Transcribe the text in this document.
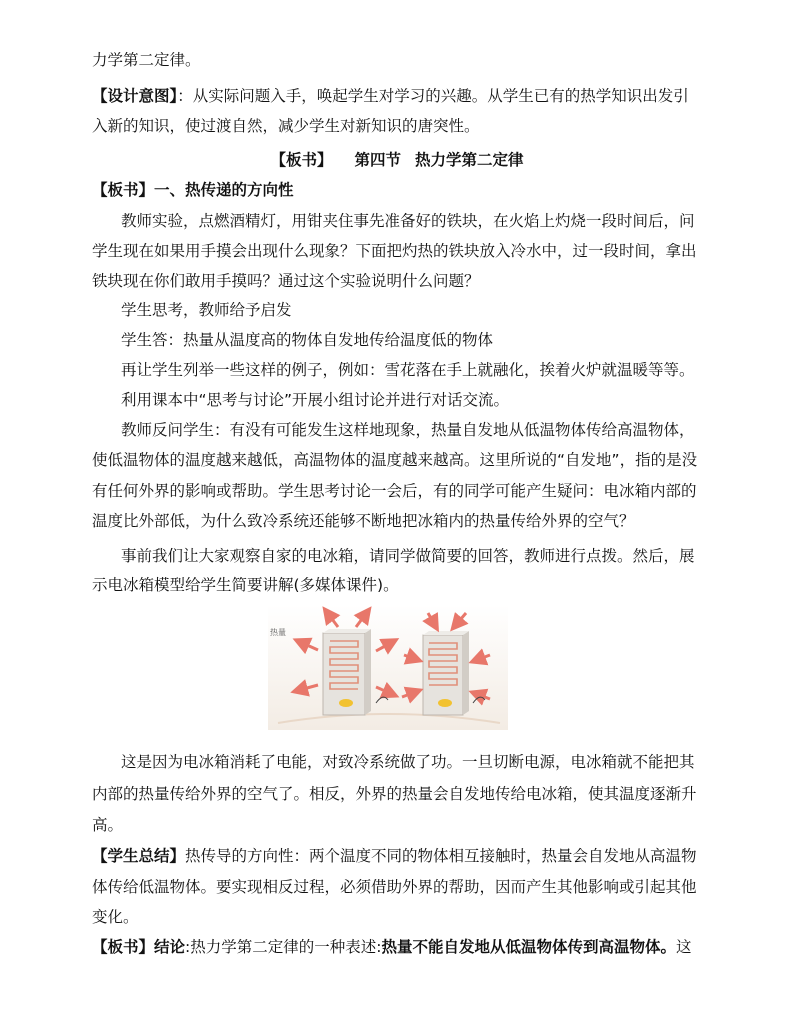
力学第二定律。
【设计意图】：从实际问题入手，唤起学生对学习的兴趣。从学生已有的热学知识出发引
入新的知识，使过渡自然，减少学生对新知识的唐突性。
【板书】 第四节 热力学第二定律
【板书】一、热传递的方向性
教师实验，点燃酒精灯，用钳夹住事先准备好的铁块，在火焰上灼烧一段时间后，问
学生现在如果用手摸会出现什么现象？下面把灼热的铁块放入冷水中，过一段时间，拿出
铁块现在你们敢用手摸吗？通过这个实验说明什么问题？
学生思考，教师给予启发
学生答：热量从温度高的物体自发地传给温度低的物体
再让学生列举一些这样的例子，例如：雪花落在手上就融化，挨着火炉就温暖等等。
利用课本中“思考与讨论”开展小组讨论并进行对话交流。
教师反问学生：有没有可能发生这样地现象，热量自发地从低温物体传给高温物体，
使低温物体的温度越来越低，高温物体的温度越来越高。这里所说的“自发地”，指的是没
有任何外界的影响或帮助。学生思考讨论一会后，有的同学可能产生疑问：电冰箱内部的
温度比外部低，为什么致冷系统还能够不断地把冰箱内的热量传给外界的空气？
事前我们让大家观察自家的电冰箱，请同学做简要的回答，教师进行点拨。然后，展
示电冰箱模型给学生简要讲解(多媒体课件)。
热量
这是因为电冰箱消耗了电能，对致冷系统做了功。一旦切断电源，电冰箱就不能把其
内部的热量传给外界的空气了。相反，外界的热量会自发地传给电冰箱，使其温度逐渐升
高。
【学生总结】热传导的方向性：两个温度不同的物体相互接触时，热量会自发地从高温物
体传给低温物体。要实现相反过程，必须借助外界的帮助，因而产生其他影响或引起其他
变化。
【板书】结论:热力学第二定律的一种表述:热量不能自发地从低温物体传到高温物体。这
